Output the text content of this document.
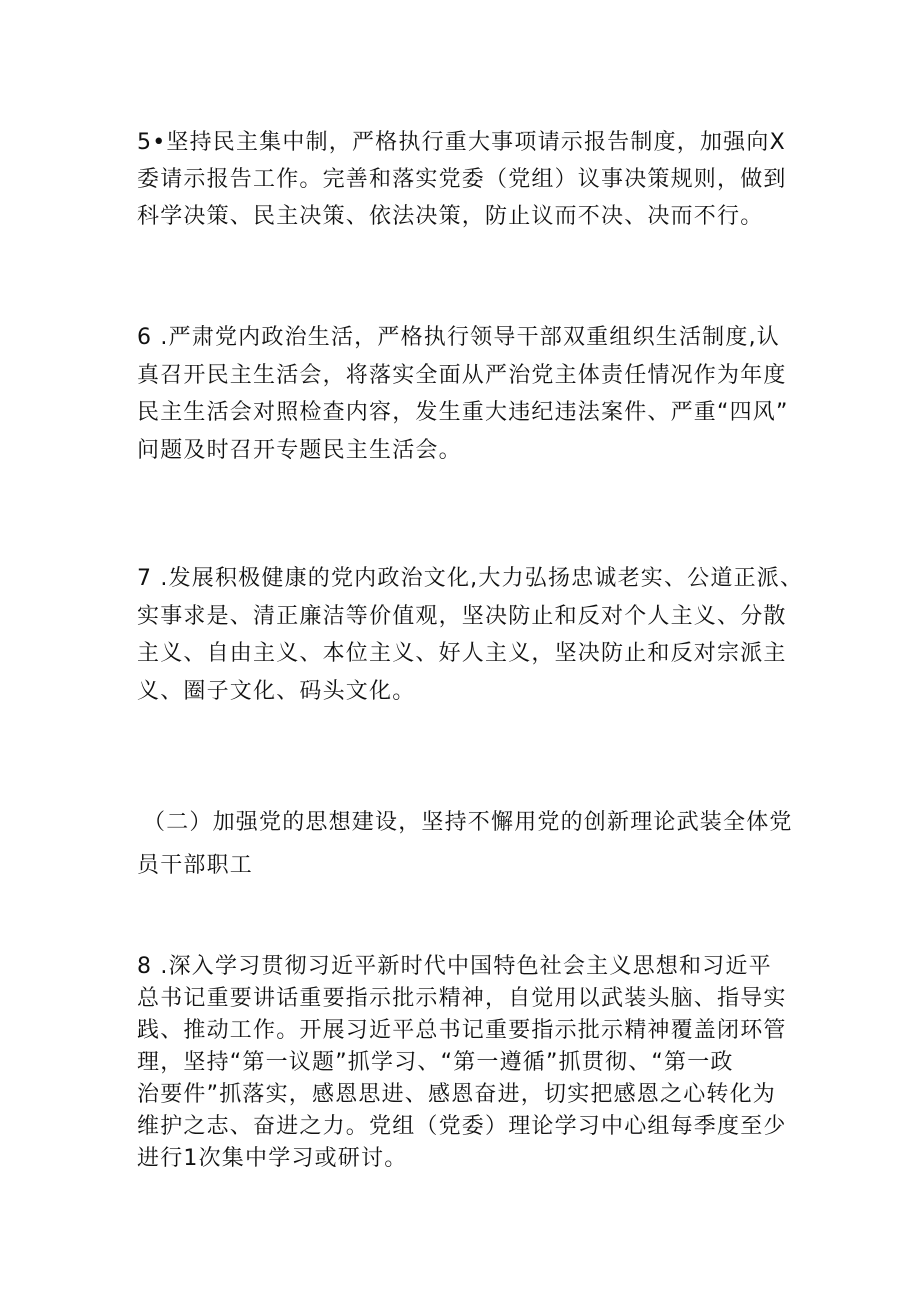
5•坚持民主集中制，严格执行重大事项请示报告制度，加强向X
委请示报告工作。完善和落实党委（党组）议事决策规则，做到
科学决策、民主决策、依法决策，防止议而不决、决而不行。
6 .严肃党内政治生活，严格执行领导干部双重组织生活制度,认
真召开民主生活会，将落实全面从严治党主体责任情况作为年度
民主生活会对照检查内容，发生重大违纪违法案件、严重“四风”
问题及时召开专题民主生活会。
7 .发展积极健康的党内政治文化,大力弘扬忠诚老实、公道正派、
实事求是、清正廉洁等价值观，坚决防止和反对个人主义、分散
主义、自由主义、本位主义、好人主义，坚决防止和反对宗派主
义、圈子文化、码头文化。
（二）加强党的思想建设，坚持不懈用党的创新理论武装全体党
员干部职工
8 .深入学习贯彻习近平新时代中国特色社会主义思想和习近平
总书记重要讲话重要指示批示精神，自觉用以武装头脑、指导实
践、推动工作。开展习近平总书记重要指示批示精神覆盖闭环管
理，坚持“第一议题”抓学习、“第一遵循”抓贯彻、“第一政
治要件”抓落实，感恩思进、感恩奋进，切实把感恩之心转化为
维护之志、奋进之力。党组（党委）理论学习中心组每季度至少
进行1次集中学习或研讨。
